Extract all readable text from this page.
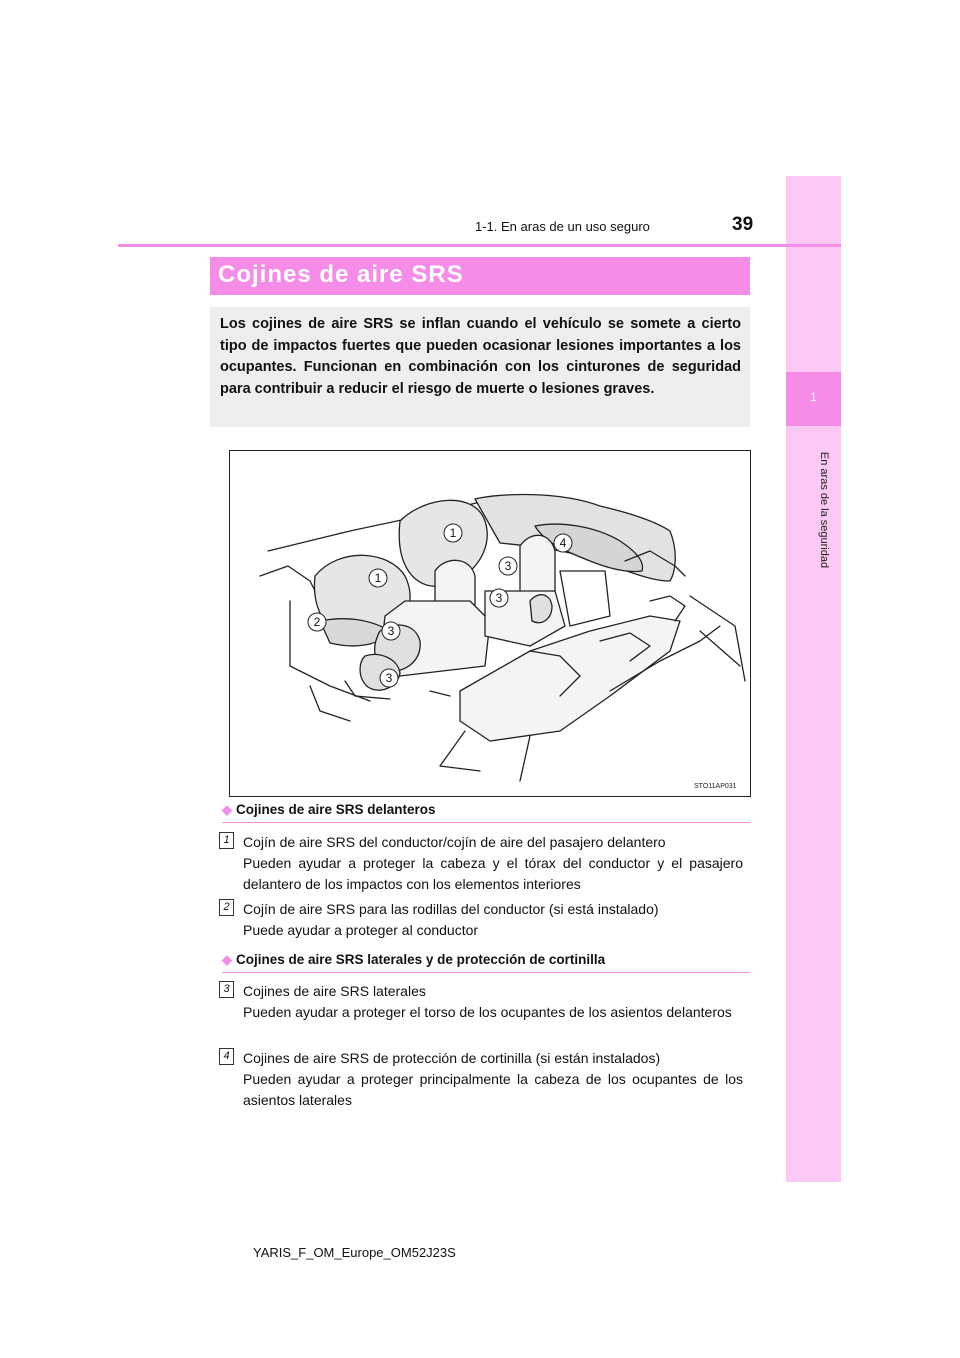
1
En aras de la seguridad
1-1. En aras de un uso seguro	39
Cojines de aire SRS
Los cojines de aire SRS se inflan cuando el vehículo se somete a cierto tipo de impactos fuertes que pueden ocasionar lesiones importantes a los ocupantes. Funcionan en combinación con los cinturones de seguridad para contribuir a reducir el riesgo de muerte o lesiones graves.
1
1
2
3
3
3
3
4
STO11AP031
◆ Cojines de aire SRS delanteros
1 Cojín de aire SRS del conductor/cojín de aire del pasajero delantero
Pueden ayudar a proteger la cabeza y el tórax del conductor y el pasajero delantero de los impactos con los elementos interiores
2 Cojín de aire SRS para las rodillas del conductor (si está instalado)
Puede ayudar a proteger al conductor
◆ Cojines de aire SRS laterales y de protección de cortinilla
3 Cojines de aire SRS laterales
Pueden ayudar a proteger el torso de los ocupantes de los asientos delanteros
4 Cojines de aire SRS de protección de cortinilla (si están instalados)
Pueden ayudar a proteger principalmente la cabeza de los ocupantes de los asientos laterales
YARIS_F_OM_Europe_OM52J23S
